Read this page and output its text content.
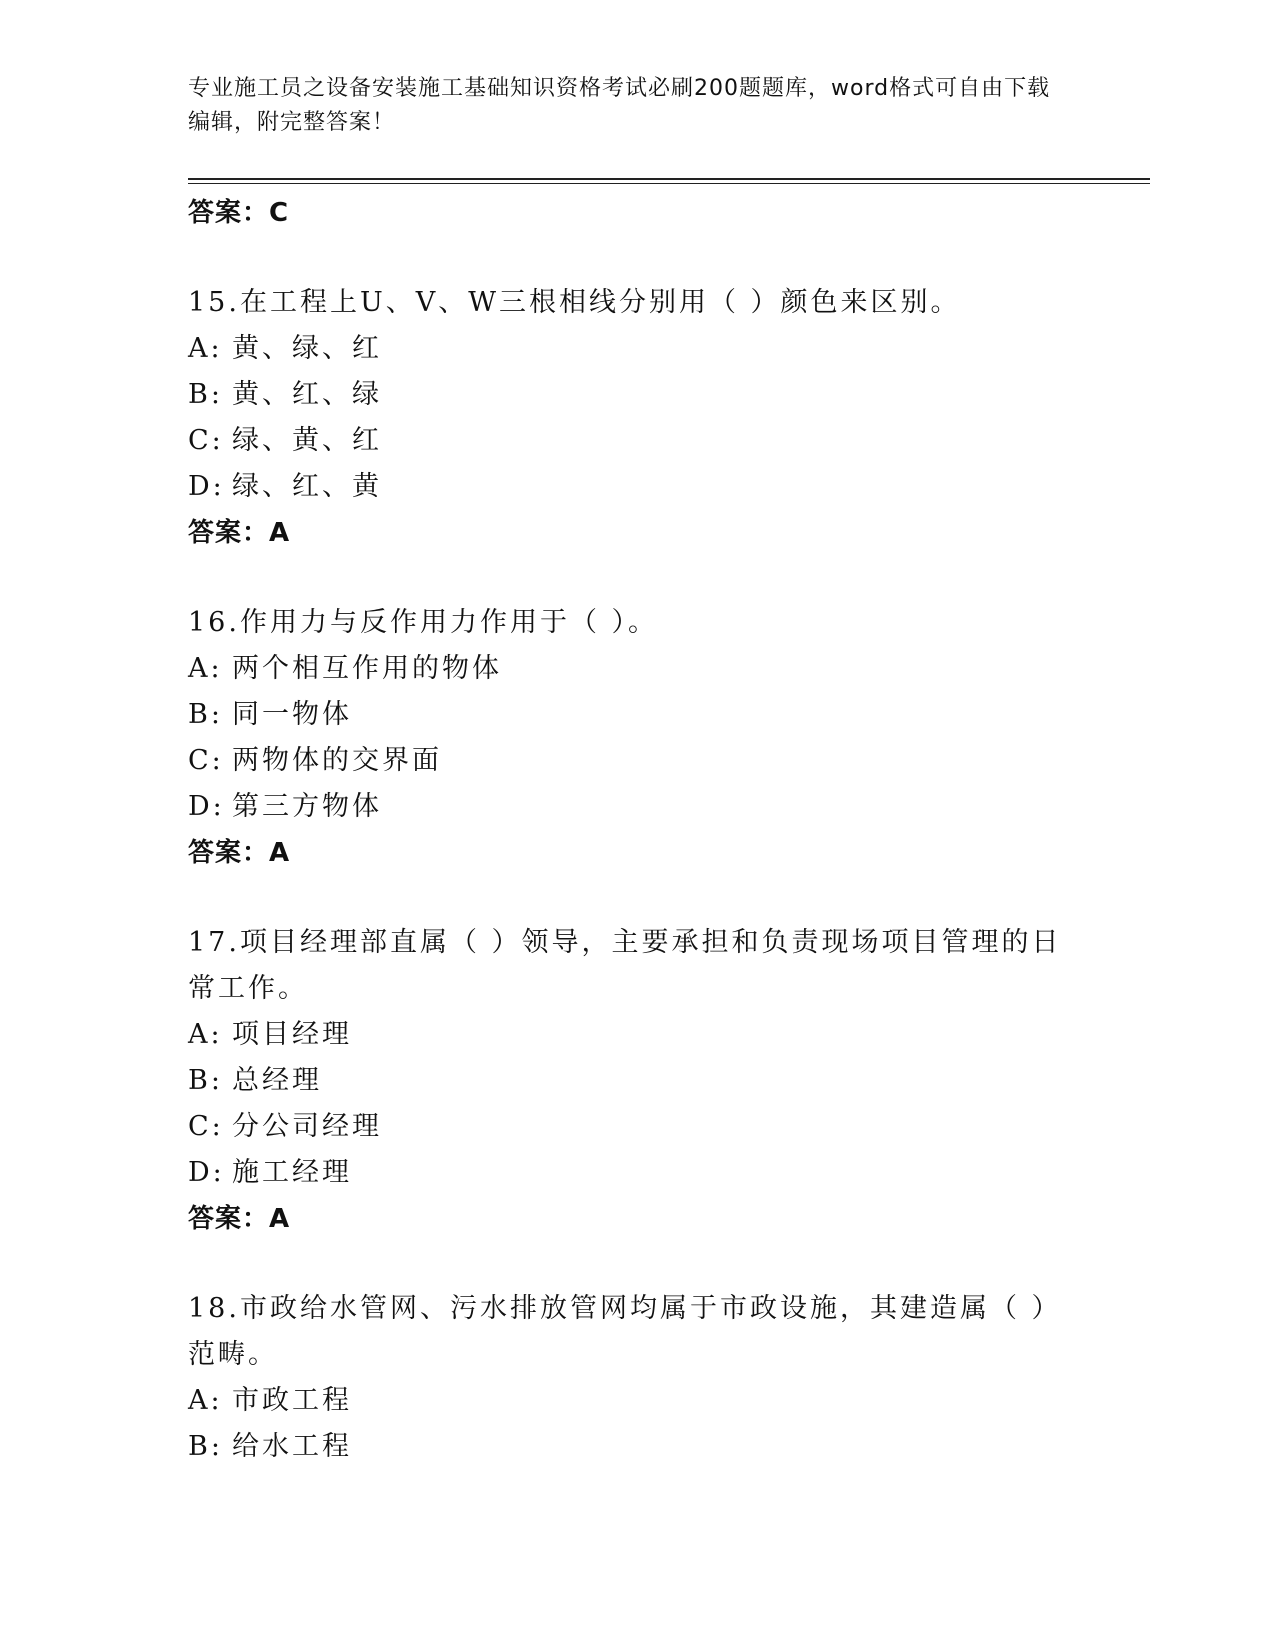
专业施工员之设备安装施工基础知识资格考试必刷200题题库，word格式可自由下载编辑，附完整答案！
答案：C
15.在工程上U、V、W三根相线分别用（ ）颜色来区别。
A: 黄、绿、红
B: 黄、红、绿
C: 绿、黄、红
D: 绿、红、黄
答案：A
16.作用力与反作用力作用于（ ）。
A: 两个相互作用的物体
B: 同一物体
C: 两物体的交界面
D: 第三方物体
答案：A
17.项目经理部直属（ ）领导，主要承担和负责现场项目管理的日常工作。
A: 项目经理
B: 总经理
C: 分公司经理
D: 施工经理
答案：A
18.市政给水管网、污水排放管网均属于市政设施，其建造属（ ）范畴。
A: 市政工程
B: 给水工程
